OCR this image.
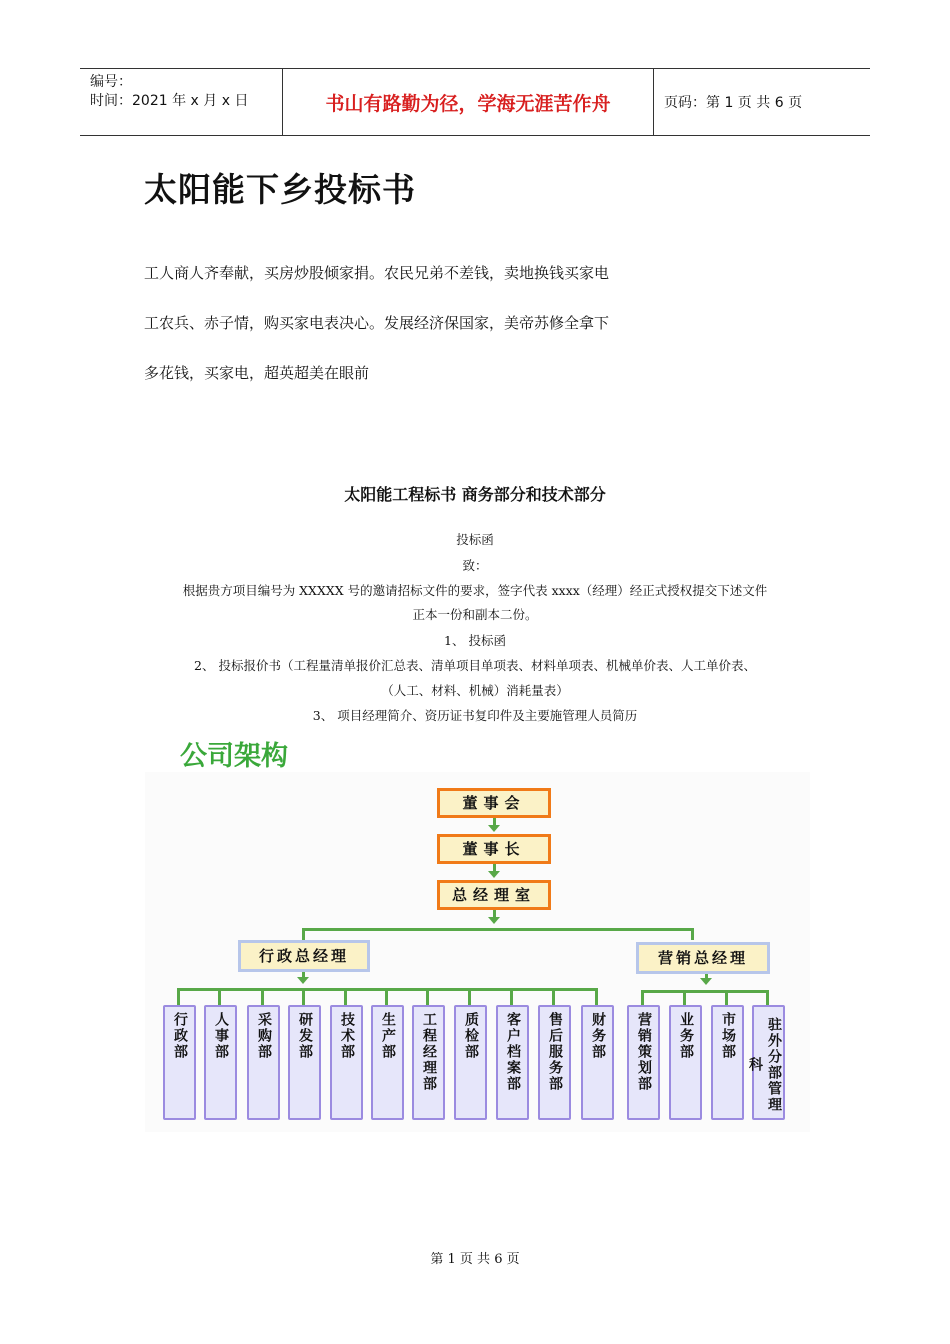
编号：
时间：2021 年 x 月 x 日	书山有路勤为径，学海无涯苦作舟	页码：第 1 页 共 6 页
太阳能下乡投标书
工人商人齐奉献，买房炒股倾家捐。农民兄弟不差钱，卖地换钱买家电
工农兵、赤子情，购买家电表决心。发展经济保国家，美帝苏修全拿下
多花钱，买家电，超英超美在眼前
太阳能工程标书 商务部分和技术部分
投标函
致：
根据贵方项目编号为 XXXXX 号的邀请招标文件的要求，签字代表 xxxx（经理）经正式授权提交下述文件
正本一份和副本二份。
1、 投标函
2、 投标报价书（工程量清单报价汇总表、清单项目单项表、材料单项表、机械单价表、人工单价表、
（人工、材料、机械）消耗量表）
3、 项目经理简介、资历证书复印件及主要施管理人员简历
公司架构
董事会
董事长
总经理室
行政总经理	营销总经理
行政部 人事部 采购部 研发部 技术部 生产部 工程经理部 质检部 客户档案部 售后服务部 财务部 营销策划部 业务部 市场部	驻外分部管理科
第 1 页 共 6 页
